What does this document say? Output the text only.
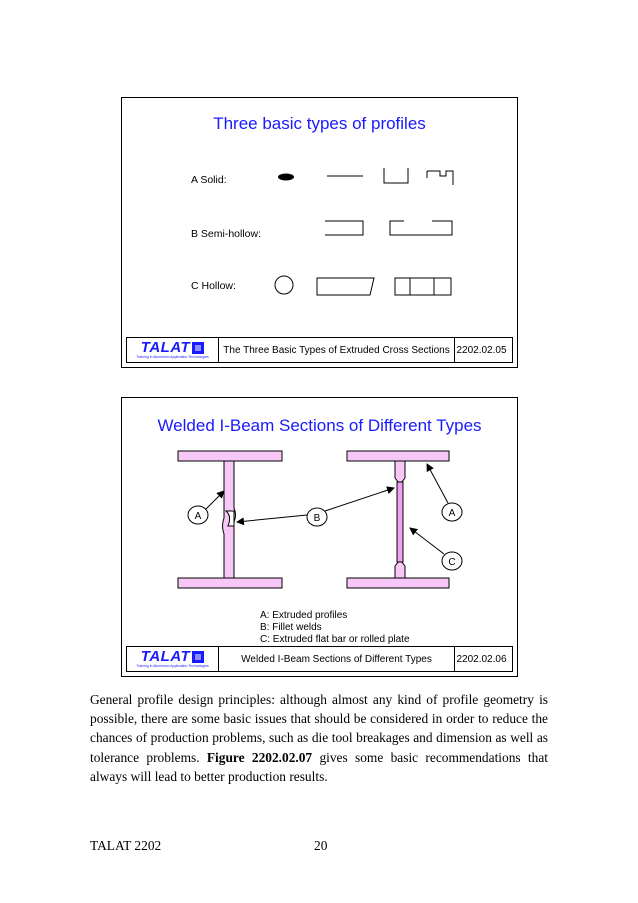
Three basic types of profiles
A Solid:
B Semi-hollow:
C Hollow:
TALAT
Training in Aluminium Application Technologies
The Three Basic Types of Extruded Cross Sections 2202.02.05
Welded I-Beam Sections of Different Types
A	B	A
C
A: Extruded profiles
B: Fillet welds
C: Extruded flat bar or rolled plate
TALAT
Training in Aluminium Application Technologies
Welded I-Beam Sections of Different Types	2202.02.06
General profile design principles: although almost any kind of profile geometry is possible, there are some basic issues that should be considered in order to reduce the chances of production problems, such as die tool breakages and dimension as well as tolerance problems. Figure 2202.02.07 gives some basic recommendations that always will lead to better production results.
TALAT 2202	20
